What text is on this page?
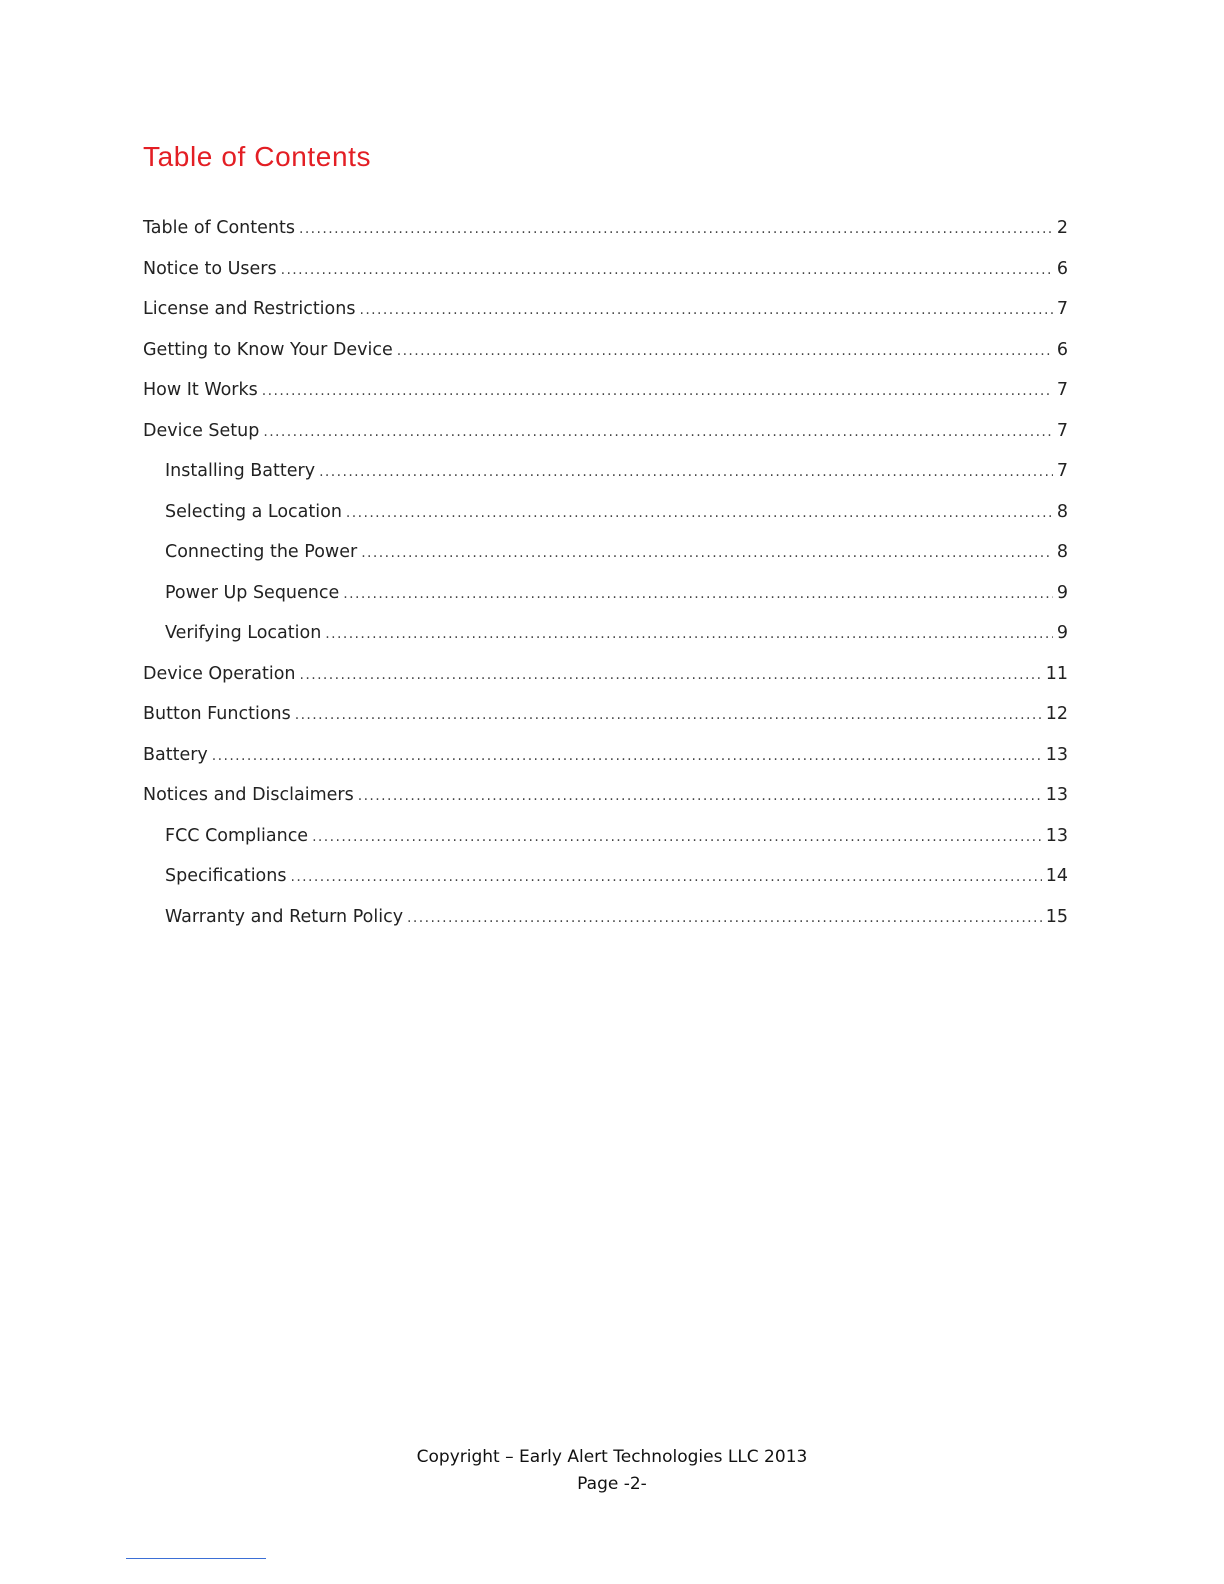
Table of Contents
Table of Contents .....	2
Notice to Users .....	6
License and Restrictions .....	7
Getting to Know Your Device .....	6
How It Works .....	7
Device Setup .....	7
Installing Battery .....	7
Selecting a Location .....	8
Connecting the Power .....	8
Power Up Sequence .....	9
Verifying Location .....	9
Device Operation .....	11
Button Functions .....	12
Battery .....	13
Notices and Disclaimers .....	13
FCC Compliance .....	13
Specifications .....	14
Warranty and Return Policy .....	15
Copyright – Early Alert Technologies LLC 2013
Page -2-
